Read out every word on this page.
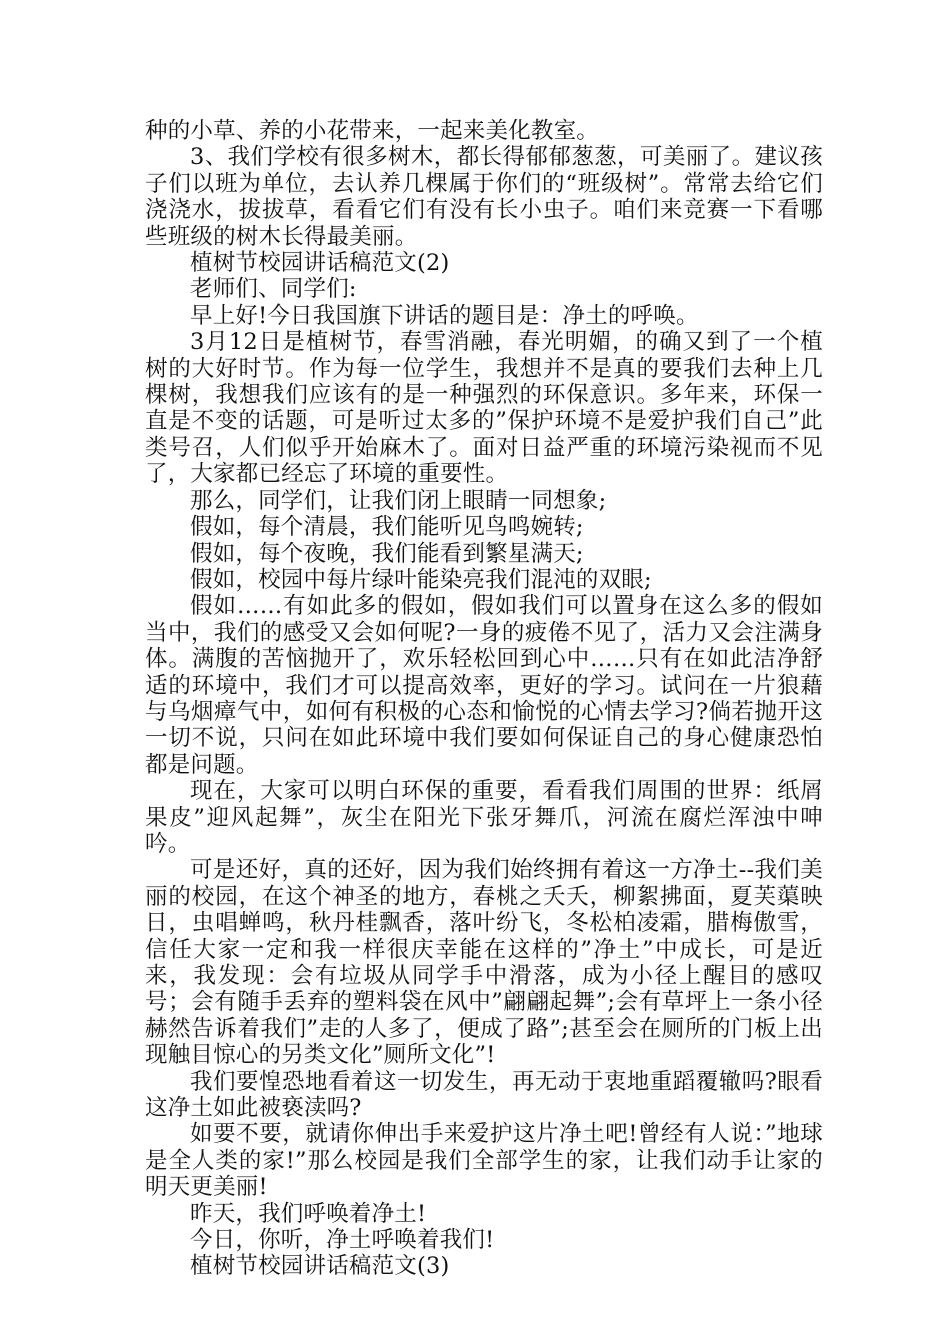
种的小草、养的小花带来，一起来美化教室。

3、我们学校有很多树木，都长得郁郁葱葱，可美丽了。建议孩子们以班为单位，去认养几棵属于你们的“班级树”。常常去给它们浇浇水，拔拔草，看看它们有没有长小虫子。咱们来竞赛一下看哪些班级的树木长得最美丽。

植树节校园讲话稿范文(2)

老师们、同学们:

早上好!今日我国旗下讲话的题目是：净土的呼唤。

3月12日是植树节，春雪消融，春光明媚，的确又到了一个植树的大好时节。作为每一位学生，我想并不是真的要我们去种上几棵树，我想我们应该有的是一种强烈的环保意识。多年来，环保一直是不变的话题，可是听过太多的”保护环境不是爱护我们自己”此类号召，人们似乎开始麻木了。面对日益严重的环境污染视而不见了，大家都已经忘了环境的重要性。

那么，同学们，让我们闭上眼睛一同想象;

假如，每个清晨，我们能听见鸟鸣婉转;

假如，每个夜晚，我们能看到繁星满天;

假如，校园中每片绿叶能染亮我们混沌的双眼;

假如……有如此多的假如，假如我们可以置身在这么多的假如当中，我们的感受又会如何呢?一身的疲倦不见了，活力又会注满身体。满腹的苦恼抛开了，欢乐轻松回到心中……只有在如此洁净舒适的环境中，我们才可以提高效率，更好的学习。试问在一片狼藉与乌烟瘴气中，如何有积极的心态和愉悦的心情去学习?倘若抛开这一切不说，只问在如此环境中我们要如何保证自己的身心健康恐怕都是问题。

现在，大家可以明白环保的重要，看看我们周围的世界：纸屑果皮”迎风起舞”，灰尘在阳光下张牙舞爪，河流在腐烂浑浊中呻吟。

可是还好，真的还好，因为我们始终拥有着这一方净土--我们美丽的校园，在这个神圣的地方，春桃之夭夭，柳絮拂面，夏芙蕖映日，虫唱蝉鸣，秋丹桂飘香，落叶纷飞，冬松柏凌霜，腊梅傲雪，信任大家一定和我一样很庆幸能在这样的”净土”中成长，可是近来，我发现：会有垃圾从同学手中滑落，成为小径上醒目的感叹号；会有随手丢弃的塑料袋在风中”翩翩起舞”;会有草坪上一条小径赫然告诉着我们”走的人多了，便成了路”;甚至会在厕所的门板上出现触目惊心的另类文化”厕所文化”!

我们要惶恐地看着这一切发生，再无动于衷地重蹈覆辙吗?眼看这净土如此被亵渎吗?

如要不要，就请你伸出手来爱护这片净土吧!曾经有人说：”地球是全人类的家!”那么校园是我们全部学生的家，让我们动手让家的明天更美丽!

昨天，我们呼唤着净土!

今日，你听，净土呼唤着我们!

植树节校园讲话稿范文(3)
